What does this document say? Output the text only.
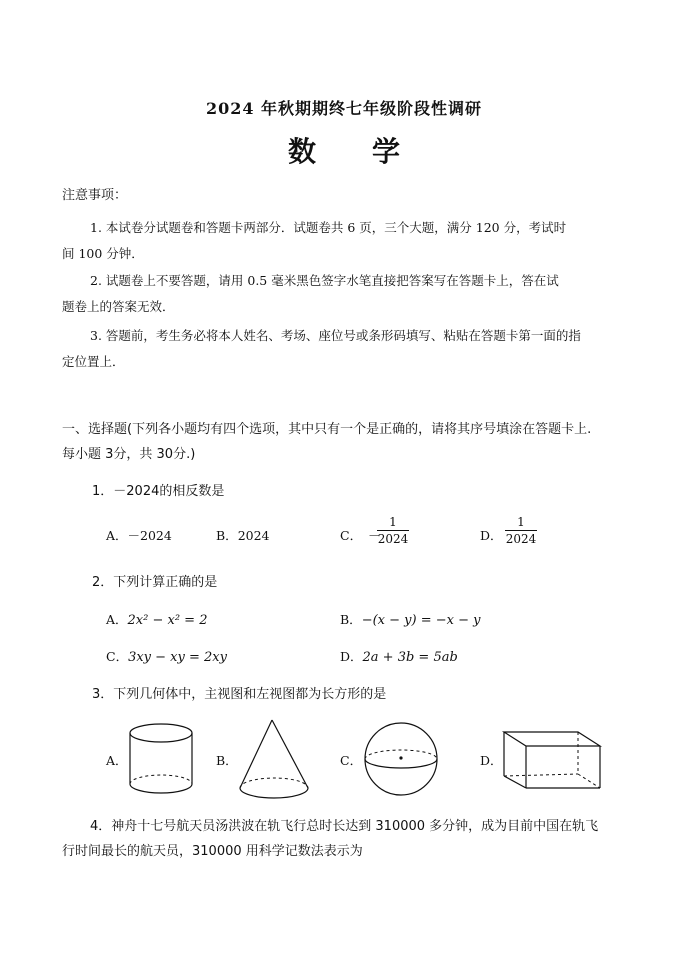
2024 年秋期期终七年级阶段性调研
数　　学
注意事项：
1. 本试卷分试题卷和答题卡两部分．试题卷共 6 页，三个大题，满分 120 分，考试时
间 100 分钟．
2. 试题卷上不要答题，请用 0.5 毫米黑色签字水笔直接把答案写在答题卡上，答在试
题卷上的答案无效．
3. 答题前，考生务必将本人姓名、考场、座位号或条形码填写、粘贴在答题卡第一面的指
定位置上．
一、选择题(下列各小题均有四个选项，其中只有一个是正确的，请将其序号填涂在答题卡上.
每小题 3分，共 30分.)
1．－2024的相反数是
A．－2024	B．2024	C． －
1
2024	D．
1
2024
2．下列计算正确的是
A．2x² − x² = 2	B．−(x − y) = −x − y
C．3xy − xy = 2xy	D．2a + 3b = 5ab
3．下列几何体中，主视图和左视图都为长方形的是
A．	B．	C．	D．
4．神舟十七号航天员汤洪波在轨飞行总时长达到 310000 多分钟，成为目前中国在轨飞
行时间最长的航天员，310000 用科学记数法表示为
